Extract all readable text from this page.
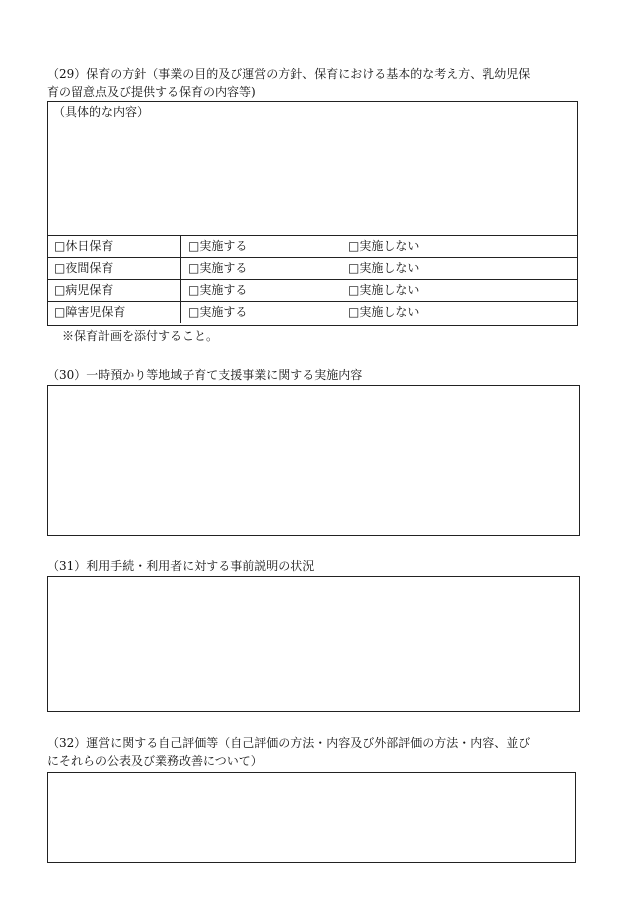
（29）保育の方針（事業の目的及び運営の方針、保育における基本的な考え方、乳幼児保
育の留意点及び提供する保育の内容等)
（具体的な内容）
□休日保育	□実施する	□実施しない
□夜間保育	□実施する	□実施しない
□病児保育	□実施する	□実施しない
□障害児保育	□実施する	□実施しない
※保育計画を添付すること。
（30）一時預かり等地域子育て支援事業に関する実施内容
（31）利用手続・利用者に対する事前説明の状況
（32）運営に関する自己評価等（自己評価の方法・内容及び外部評価の方法・内容、並び
にそれらの公表及び業務改善について）
